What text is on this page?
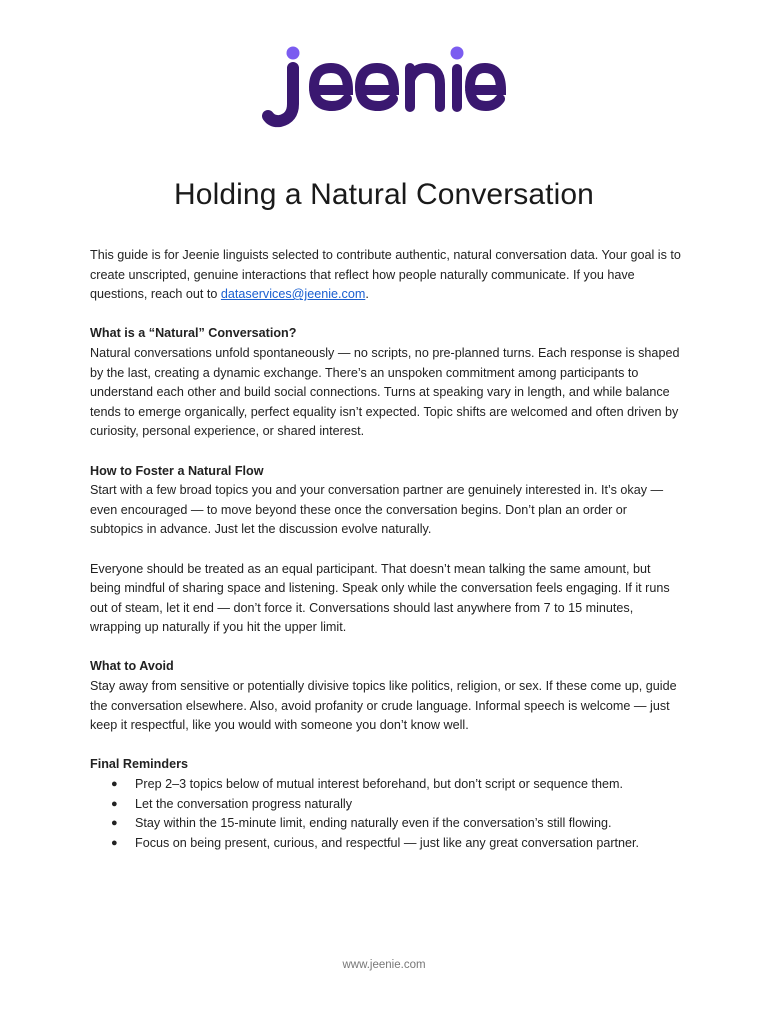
Holding a Natural Conversation

This guide is for Jeenie linguists selected to contribute authentic, natural conversation data. Your goal is to create unscripted, genuine interactions that reflect how people naturally communicate. If you have questions, reach out to dataservices@jeenie.com.

What is a “Natural” Conversation?

Natural conversations unfold spontaneously — no scripts, no pre-planned turns. Each response is shaped by the last, creating a dynamic exchange. There’s an unspoken commitment among participants to understand each other and build social connections. Turns at speaking vary in length, and while balance tends to emerge organically, perfect equality isn’t expected. Topic shifts are welcomed and often driven by curiosity, personal experience, or shared interest.

How to Foster a Natural Flow

Start with a few broad topics you and your conversation partner are genuinely interested in. It’s okay — even encouraged — to move beyond these once the conversation begins. Don’t plan an order or subtopics in advance. Just let the discussion evolve naturally.

Everyone should be treated as an equal participant. That doesn’t mean talking the same amount, but being mindful of sharing space and listening. Speak only while the conversation feels engaging. If it runs out of steam, let it end — don’t force it. Conversations should last anywhere from 7 to 15 minutes, wrapping up naturally if you hit the upper limit.

What to Avoid

Stay away from sensitive or potentially divisive topics like politics, religion, or sex. If these come up, guide the conversation elsewhere. Also, avoid profanity or crude language. Informal speech is welcome — just keep it respectful, like you would with someone you don’t know well.

Final Reminders

● Prep 2–3 topics below of mutual interest beforehand, but don’t script or sequence them.
● Let the conversation progress naturally
● Stay within the 15-minute limit, ending naturally even if the conversation’s still flowing.
● Focus on being present, curious, and respectful — just like any great conversation partner.
www.jeenie.com
